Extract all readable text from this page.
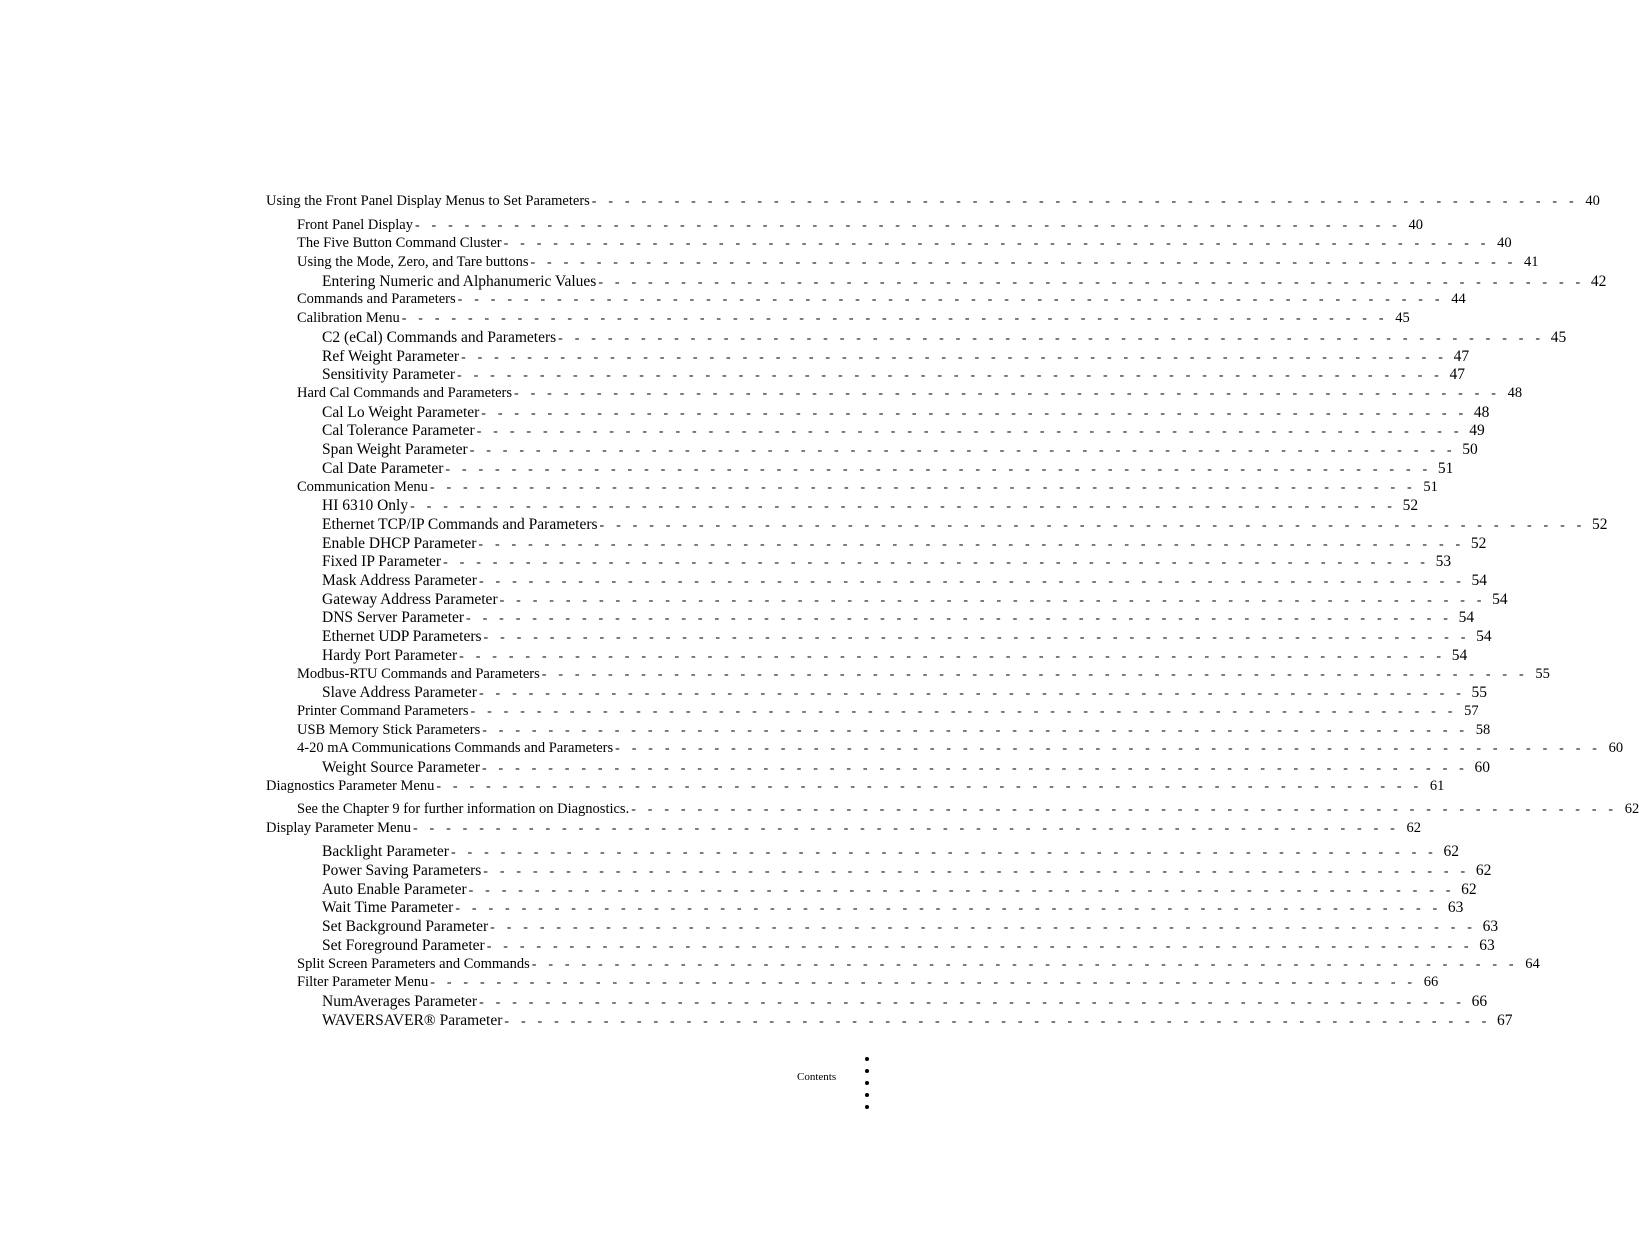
Using the Front Panel Display Menus to Set Parameters - - - - - - - - - - - - - - - - - - - - - - - - - - - - - - - - - - - - - - - - - - - - - - - - - - - - - - - - - - - - 40
Front Panel Display - - - - - - - - - - - - - - - - - - - - - - - - - - - - - - - - - - - - - - - - - - - - - - - - - - - - - - - - - - - - 40
The Five Button Command Cluster - - - - - - - - - - - - - - - - - - - - - - - - - - - - - - - - - - - - - - - - - - - - - - - - - - - - - - - - - - - - 40
Using the Mode, Zero, and Tare buttons - - - - - - - - - - - - - - - - - - - - - - - - - - - - - - - - - - - - - - - - - - - - - - - - - - - - - - - - - - - - 41
Entering Numeric and Alphanumeric Values - - - - - - - - - - - - - - - - - - - - - - - - - - - - - - - - - - - - - - - - - - - - - - - - - - - - - - - - - - - - 42
Commands and Parameters - - - - - - - - - - - - - - - - - - - - - - - - - - - - - - - - - - - - - - - - - - - - - - - - - - - - - - - - - - - - 44
Calibration Menu - - - - - - - - - - - - - - - - - - - - - - - - - - - - - - - - - - - - - - - - - - - - - - - - - - - - - - - - - - - - 45
C2 (eCal) Commands and Parameters - - - - - - - - - - - - - - - - - - - - - - - - - - - - - - - - - - - - - - - - - - - - - - - - - - - - - - - - - - - - 45
Ref Weight Parameter - - - - - - - - - - - - - - - - - - - - - - - - - - - - - - - - - - - - - - - - - - - - - - - - - - - - - - - - - - - - 47
Sensitivity Parameter - - - - - - - - - - - - - - - - - - - - - - - - - - - - - - - - - - - - - - - - - - - - - - - - - - - - - - - - - - - - 47
Hard Cal Commands and Parameters - - - - - - - - - - - - - - - - - - - - - - - - - - - - - - - - - - - - - - - - - - - - - - - - - - - - - - - - - - - - 48
Cal Lo Weight Parameter - - - - - - - - - - - - - - - - - - - - - - - - - - - - - - - - - - - - - - - - - - - - - - - - - - - - - - - - - - - - 48
Cal Tolerance Parameter - - - - - - - - - - - - - - - - - - - - - - - - - - - - - - - - - - - - - - - - - - - - - - - - - - - - - - - - - - - - 49
Span Weight Parameter - - - - - - - - - - - - - - - - - - - - - - - - - - - - - - - - - - - - - - - - - - - - - - - - - - - - - - - - - - - - 50
Cal Date Parameter - - - - - - - - - - - - - - - - - - - - - - - - - - - - - - - - - - - - - - - - - - - - - - - - - - - - - - - - - - - - 51
Communication Menu - - - - - - - - - - - - - - - - - - - - - - - - - - - - - - - - - - - - - - - - - - - - - - - - - - - - - - - - - - - - 51
HI 6310 Only - - - - - - - - - - - - - - - - - - - - - - - - - - - - - - - - - - - - - - - - - - - - - - - - - - - - - - - - - - - - 52
Ethernet TCP/IP Commands and Parameters - - - - - - - - - - - - - - - - - - - - - - - - - - - - - - - - - - - - - - - - - - - - - - - - - - - - - - - - - - - - 52
Enable DHCP Parameter - - - - - - - - - - - - - - - - - - - - - - - - - - - - - - - - - - - - - - - - - - - - - - - - - - - - - - - - - - - - 52
Fixed IP Parameter - - - - - - - - - - - - - - - - - - - - - - - - - - - - - - - - - - - - - - - - - - - - - - - - - - - - - - - - - - - - 53
Mask Address Parameter - - - - - - - - - - - - - - - - - - - - - - - - - - - - - - - - - - - - - - - - - - - - - - - - - - - - - - - - - - - - 54
Gateway Address Parameter - - - - - - - - - - - - - - - - - - - - - - - - - - - - - - - - - - - - - - - - - - - - - - - - - - - - - - - - - - - - 54
DNS Server Parameter - - - - - - - - - - - - - - - - - - - - - - - - - - - - - - - - - - - - - - - - - - - - - - - - - - - - - - - - - - - - 54
Ethernet UDP Parameters - - - - - - - - - - - - - - - - - - - - - - - - - - - - - - - - - - - - - - - - - - - - - - - - - - - - - - - - - - - - 54
Hardy Port Parameter - - - - - - - - - - - - - - - - - - - - - - - - - - - - - - - - - - - - - - - - - - - - - - - - - - - - - - - - - - - - 54
Modbus-RTU Commands and Parameters - - - - - - - - - - - - - - - - - - - - - - - - - - - - - - - - - - - - - - - - - - - - - - - - - - - - - - - - - - - - 55
Slave Address Parameter - - - - - - - - - - - - - - - - - - - - - - - - - - - - - - - - - - - - - - - - - - - - - - - - - - - - - - - - - - - - 55
Printer Command Parameters - - - - - - - - - - - - - - - - - - - - - - - - - - - - - - - - - - - - - - - - - - - - - - - - - - - - - - - - - - - - 57
USB Memory Stick Parameters - - - - - - - - - - - - - - - - - - - - - - - - - - - - - - - - - - - - - - - - - - - - - - - - - - - - - - - - - - - - 58
4-20 mA Communications Commands and Parameters - - - - - - - - - - - - - - - - - - - - - - - - - - - - - - - - - - - - - - - - - - - - - - - - - - - - - - - - - - - - 60
Weight Source Parameter - - - - - - - - - - - - - - - - - - - - - - - - - - - - - - - - - - - - - - - - - - - - - - - - - - - - - - - - - - - - 60
Diagnostics Parameter Menu - - - - - - - - - - - - - - - - - - - - - - - - - - - - - - - - - - - - - - - - - - - - - - - - - - - - - - - - - - - - 61
See the Chapter 9 for further information on Diagnostics. - - - - - - - - - - - - - - - - - - - - - - - - - - - - - - - - - - - - - - - - - - - - - - - - - - - - - - - - - - - - 62
Display Parameter Menu - - - - - - - - - - - - - - - - - - - - - - - - - - - - - - - - - - - - - - - - - - - - - - - - - - - - - - - - - - - - 62
Backlight Parameter - - - - - - - - - - - - - - - - - - - - - - - - - - - - - - - - - - - - - - - - - - - - - - - - - - - - - - - - - - - - 62
Power Saving Parameters - - - - - - - - - - - - - - - - - - - - - - - - - - - - - - - - - - - - - - - - - - - - - - - - - - - - - - - - - - - - 62
Auto Enable Parameter - - - - - - - - - - - - - - - - - - - - - - - - - - - - - - - - - - - - - - - - - - - - - - - - - - - - - - - - - - - - 62
Wait Time Parameter - - - - - - - - - - - - - - - - - - - - - - - - - - - - - - - - - - - - - - - - - - - - - - - - - - - - - - - - - - - - 63
Set Background Parameter - - - - - - - - - - - - - - - - - - - - - - - - - - - - - - - - - - - - - - - - - - - - - - - - - - - - - - - - - - - - 63
Set Foreground Parameter - - - - - - - - - - - - - - - - - - - - - - - - - - - - - - - - - - - - - - - - - - - - - - - - - - - - - - - - - - - - 63
Split Screen Parameters and Commands - - - - - - - - - - - - - - - - - - - - - - - - - - - - - - - - - - - - - - - - - - - - - - - - - - - - - - - - - - - - 64
Filter Parameter Menu - - - - - - - - - - - - - - - - - - - - - - - - - - - - - - - - - - - - - - - - - - - - - - - - - - - - - - - - - - - - 66
NumAverages Parameter - - - - - - - - - - - - - - - - - - - - - - - - - - - - - - - - - - - - - - - - - - - - - - - - - - - - - - - - - - - - 66
WAVERSAVER® Parameter - - - - - - - - - - - - - - - - - - - - - - - - - - - - - - - - - - - - - - - - - - - - - - - - - - - - - - - - - - - - 67
Contents
